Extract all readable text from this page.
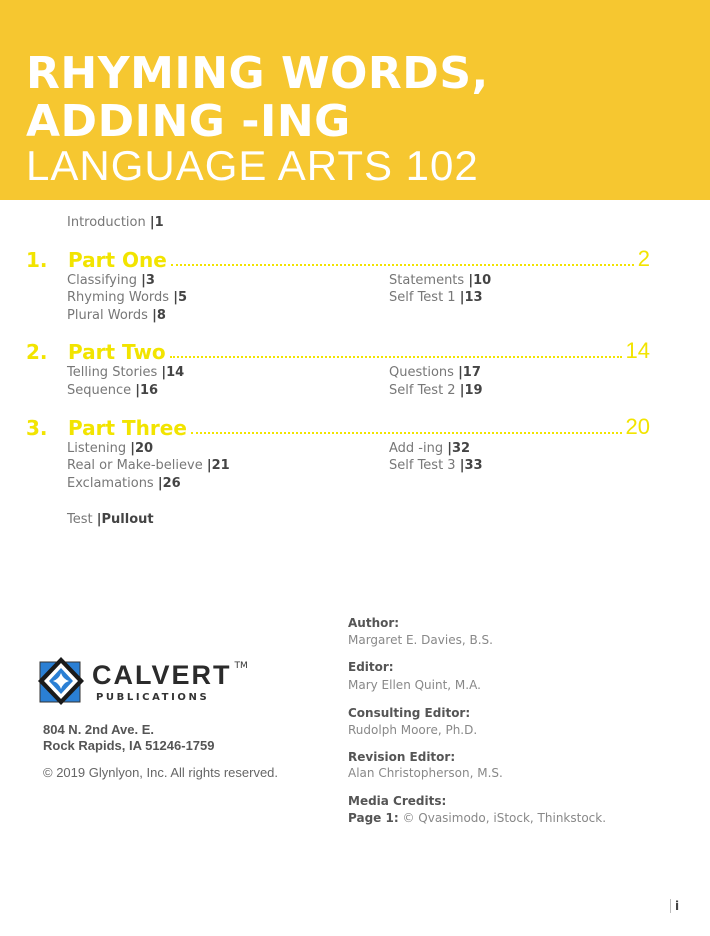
RHYMING WORDS,
ADDING -ING
LANGUAGE ARTS 102
Introduction |1
1.	Part One	2
Classifying |3
Rhyming Words |5
Plural Words |8
Statements |10
Self Test 1 |13
2.	Part Two	14
Telling Stories |14
Sequence |16
Questions |17
Self Test 2 |19
3.	Part Three	20
Listening |20
Real or Make-believe |21
Exclamations |26
Add -ing |32
Self Test 3 |33
Test |Pullout
CALVERT TM
PUBLICATIONS
804 N. 2nd Ave. E.
Rock Rapids, IA 51246-1759
© 2019 Glynlyon, Inc. All rights reserved.
Author:
Margaret E. Davies, B.S.
Editor:
Mary Ellen Quint, M.A.
Consulting Editor:
Rudolph Moore, Ph.D.
Revision Editor:
Alan Christopherson, M.S.
Media Credits:
Page 1: © Qvasimodo, iStock, Thinkstock.
i
